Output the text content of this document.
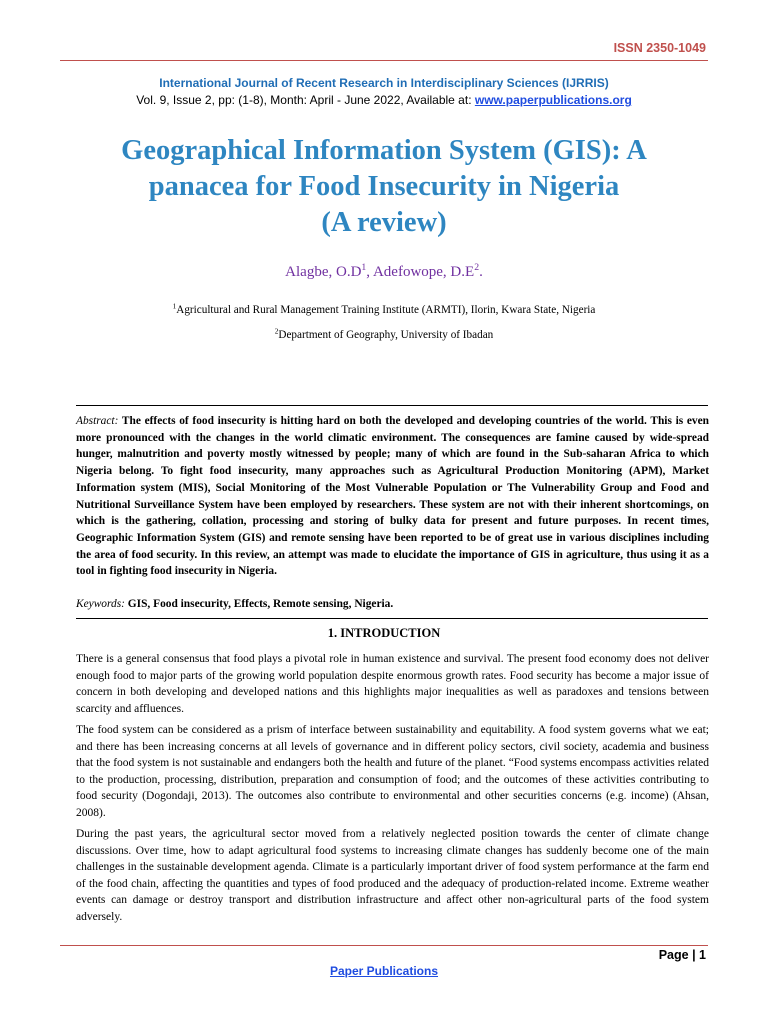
ISSN 2350-1049
International Journal of Recent Research in Interdisciplinary Sciences (IJRRIS)
Vol. 9, Issue 2, pp: (1-8), Month: April - June 2022, Available at: www.paperpublications.org
Geographical Information System (GIS): A
panacea for Food Insecurity in Nigeria
(A review)
Alagbe, $O.D^1$, Adefowope, $D.E^2$.
$^1$Agricultural and Rural Management Training Institute (ARMTI), Ilorin, Kwara State, Nigeria
$^2$Department of Geography, University of Ibadan

Abstract: The effects of food insecurity is hitting hard on both the developed and developing countries of the world. This is even more pronounced with the changes in the world climatic environment. The consequences are famine caused by wide-spread hunger, malnutrition and poverty mostly witnessed by people; many of which are found in the Sub-saharan Africa to which Nigeria belong. To fight food insecurity, many approaches such as Agricultural Production Monitoring (APM), Market Information system (MIS), Social Monitoring of the Most Vulnerable Population or The Vulnerability Group and Food and Nutritional Surveillance System have been employed by researchers. These system are not with their inherent shortcomings, on which is the gathering, collation, processing and storing of bulky data for present and future purposes. In recent times, Geographic Information System (GIS) and remote sensing have been reported to be of great use in various disciplines including the area of food security. In this review, an attempt was made to elucidate the importance of GIS in agriculture, thus using it as a tool in fighting food insecurity in Nigeria.

Keywords: GIS, Food insecurity, Effects, Remote sensing, Nigeria.

1. INTRODUCTION

There is a general consensus that food plays a pivotal role in human existence and survival. The present food economy does not deliver enough food to major parts of the growing world population despite enormous growth rates. Food security has become a major issue of concern in both developing and developed nations and this highlights major inequalities as well as paradoxes and tensions between scarcity and affluences.

The food system can be considered as a prism of interface between sustainability and equitability. A food system governs what we eat; and there has been increasing concerns at all levels of governance and in different policy sectors, civil society, academia and business that the food system is not sustainable and endangers both the health and future of the planet. “Food systems encompass activities related to the production, processing, distribution, preparation and consumption of food; and the outcomes of these activities contributing to food security (Dogondaji, 2013). The outcomes also contribute to environmental and other securities concerns (e.g. income) (Ahsan, 2008).

During the past years, the agricultural sector moved from a relatively neglected position towards the center of climate change discussions. Over time, how to adapt agricultural food systems to increasing climate changes has suddenly become one of the main challenges in the sustainable development agenda. Climate is a particularly important driver of food system performance at the farm end of the food chain, affecting the quantities and types of food produced and the adequacy of production-related income. Extreme weather events can damage or destroy transport and distribution infrastructure and affect other non-agricultural parts of the food system adversely.

Page | 1
Paper Publications
